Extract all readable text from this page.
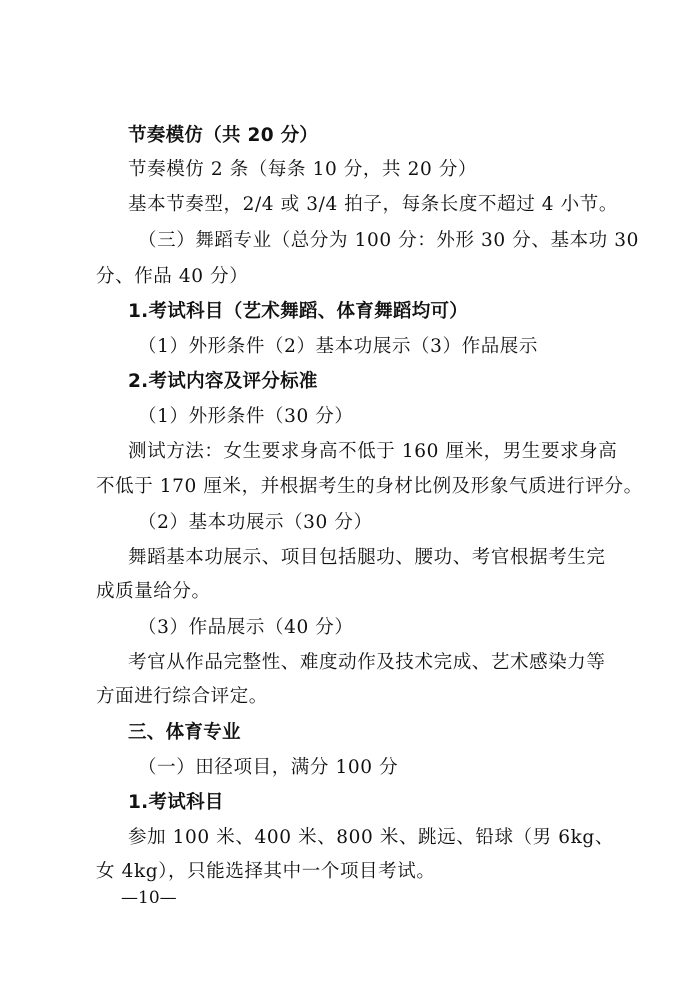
节奏模仿（共 20 分）
节奏模仿 2 条（每条 10 分，共 20 分）
基本节奏型，2/4 或 3/4 拍子，每条长度不超过 4 小节。
（三）舞蹈专业（总分为 100 分：外形 30 分、基本功 30
分、作品 40 分）
1.考试科目（艺术舞蹈、体育舞蹈均可）
（1）外形条件（2）基本功展示（3）作品展示
2.考试内容及评分标准
（1）外形条件（30 分）
测试方法：女生要求身高不低于 160 厘米，男生要求身高
不低于 170 厘米，并根据考生的身材比例及形象气质进行评分。
（2）基本功展示（30 分）
舞蹈基本功展示、项目包括腿功、腰功、考官根据考生完
成质量给分。
（3）作品展示（40 分）
考官从作品完整性、难度动作及技术完成、艺术感染力等
方面进行综合评定。
三、体育专业
（一）田径项目，满分 100 分
1.考试科目
参加 100 米、400 米、800 米、跳远、铅球（男 6kg、
女 4kg），只能选择其中一个项目考试。
—10—
